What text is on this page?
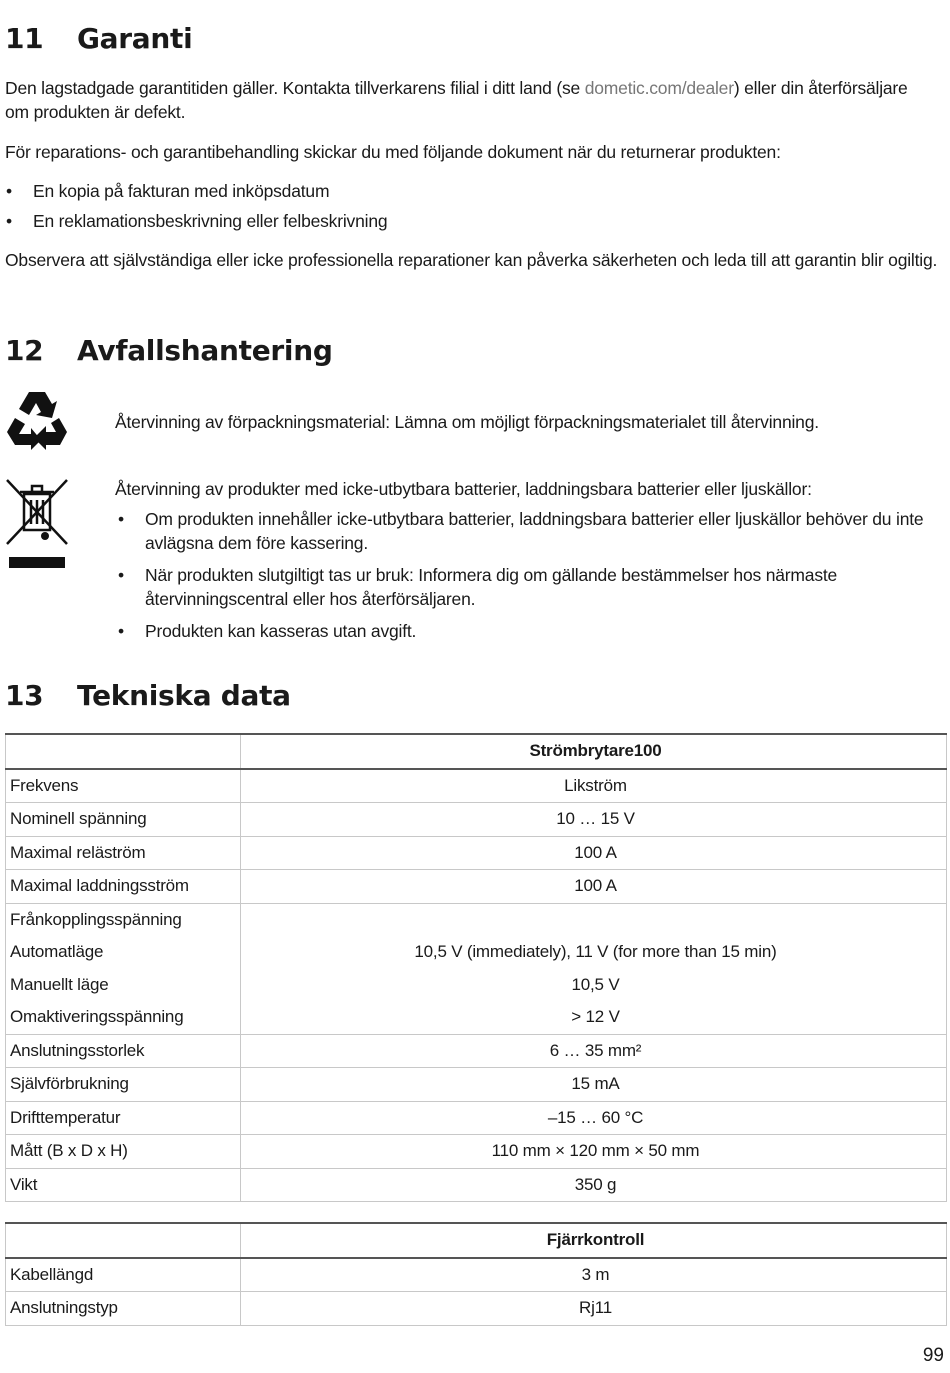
11 Garanti

Den lagstadgade garantitiden gäller. Kontakta tillverkarens filial i ditt land (se dometic.com/dealer) eller din återförsäljare om produkten är defekt.

För reparations- och garantibehandling skickar du med följande dokument när du returnerar produkten:

• En kopia på fakturan med inköpsdatum
• En reklamationsbeskrivning eller felbeskrivning

Observera att självständiga eller icke professionella reparationer kan påverka säkerheten och leda till att garantin blir ogiltig.

12 Avfallshantering

Återvinning av förpackningsmaterial: Lämna om möjligt förpackningsmaterialet till återvinning.

Återvinning av produkter med icke-utbytbara batterier, laddningsbara batterier eller ljuskällor:

• Om produkten innehåller icke-utbytbara batterier, laddningsbara batterier eller ljuskällor behöver du inte avlägsna dem före kassering.
• När produkten slutgiltigt tas ur bruk: Informera dig om gällande bestämmelser hos närmaste återvinningscentral eller hos återförsäljaren.
• Produkten kan kasseras utan avgift.
13 Tekniska data
	Strömbrytare100
Frekvens	Likström
Nominell spänning	10 … 15 V
Maximal reläström	100 A
Maximal laddningsström	100 A
Frånkopplingsspänning	
Automatläge	10,5 V (immediately), 11 V (for more than 15 min)
Manuellt läge	10,5 V
Omaktiveringsspänning	> 12 V
Anslutningsstorlek	6 … 35 mm²
Självförbrukning	15 mA
Drifttemperatur	–15 … 60 °C
Mått (B x D x H)	110 mm × 120 mm × 50 mm
Vikt	350 g
	Fjärrkontroll
Kabellängd	3 m
Anslutningstyp	Rj11
99
